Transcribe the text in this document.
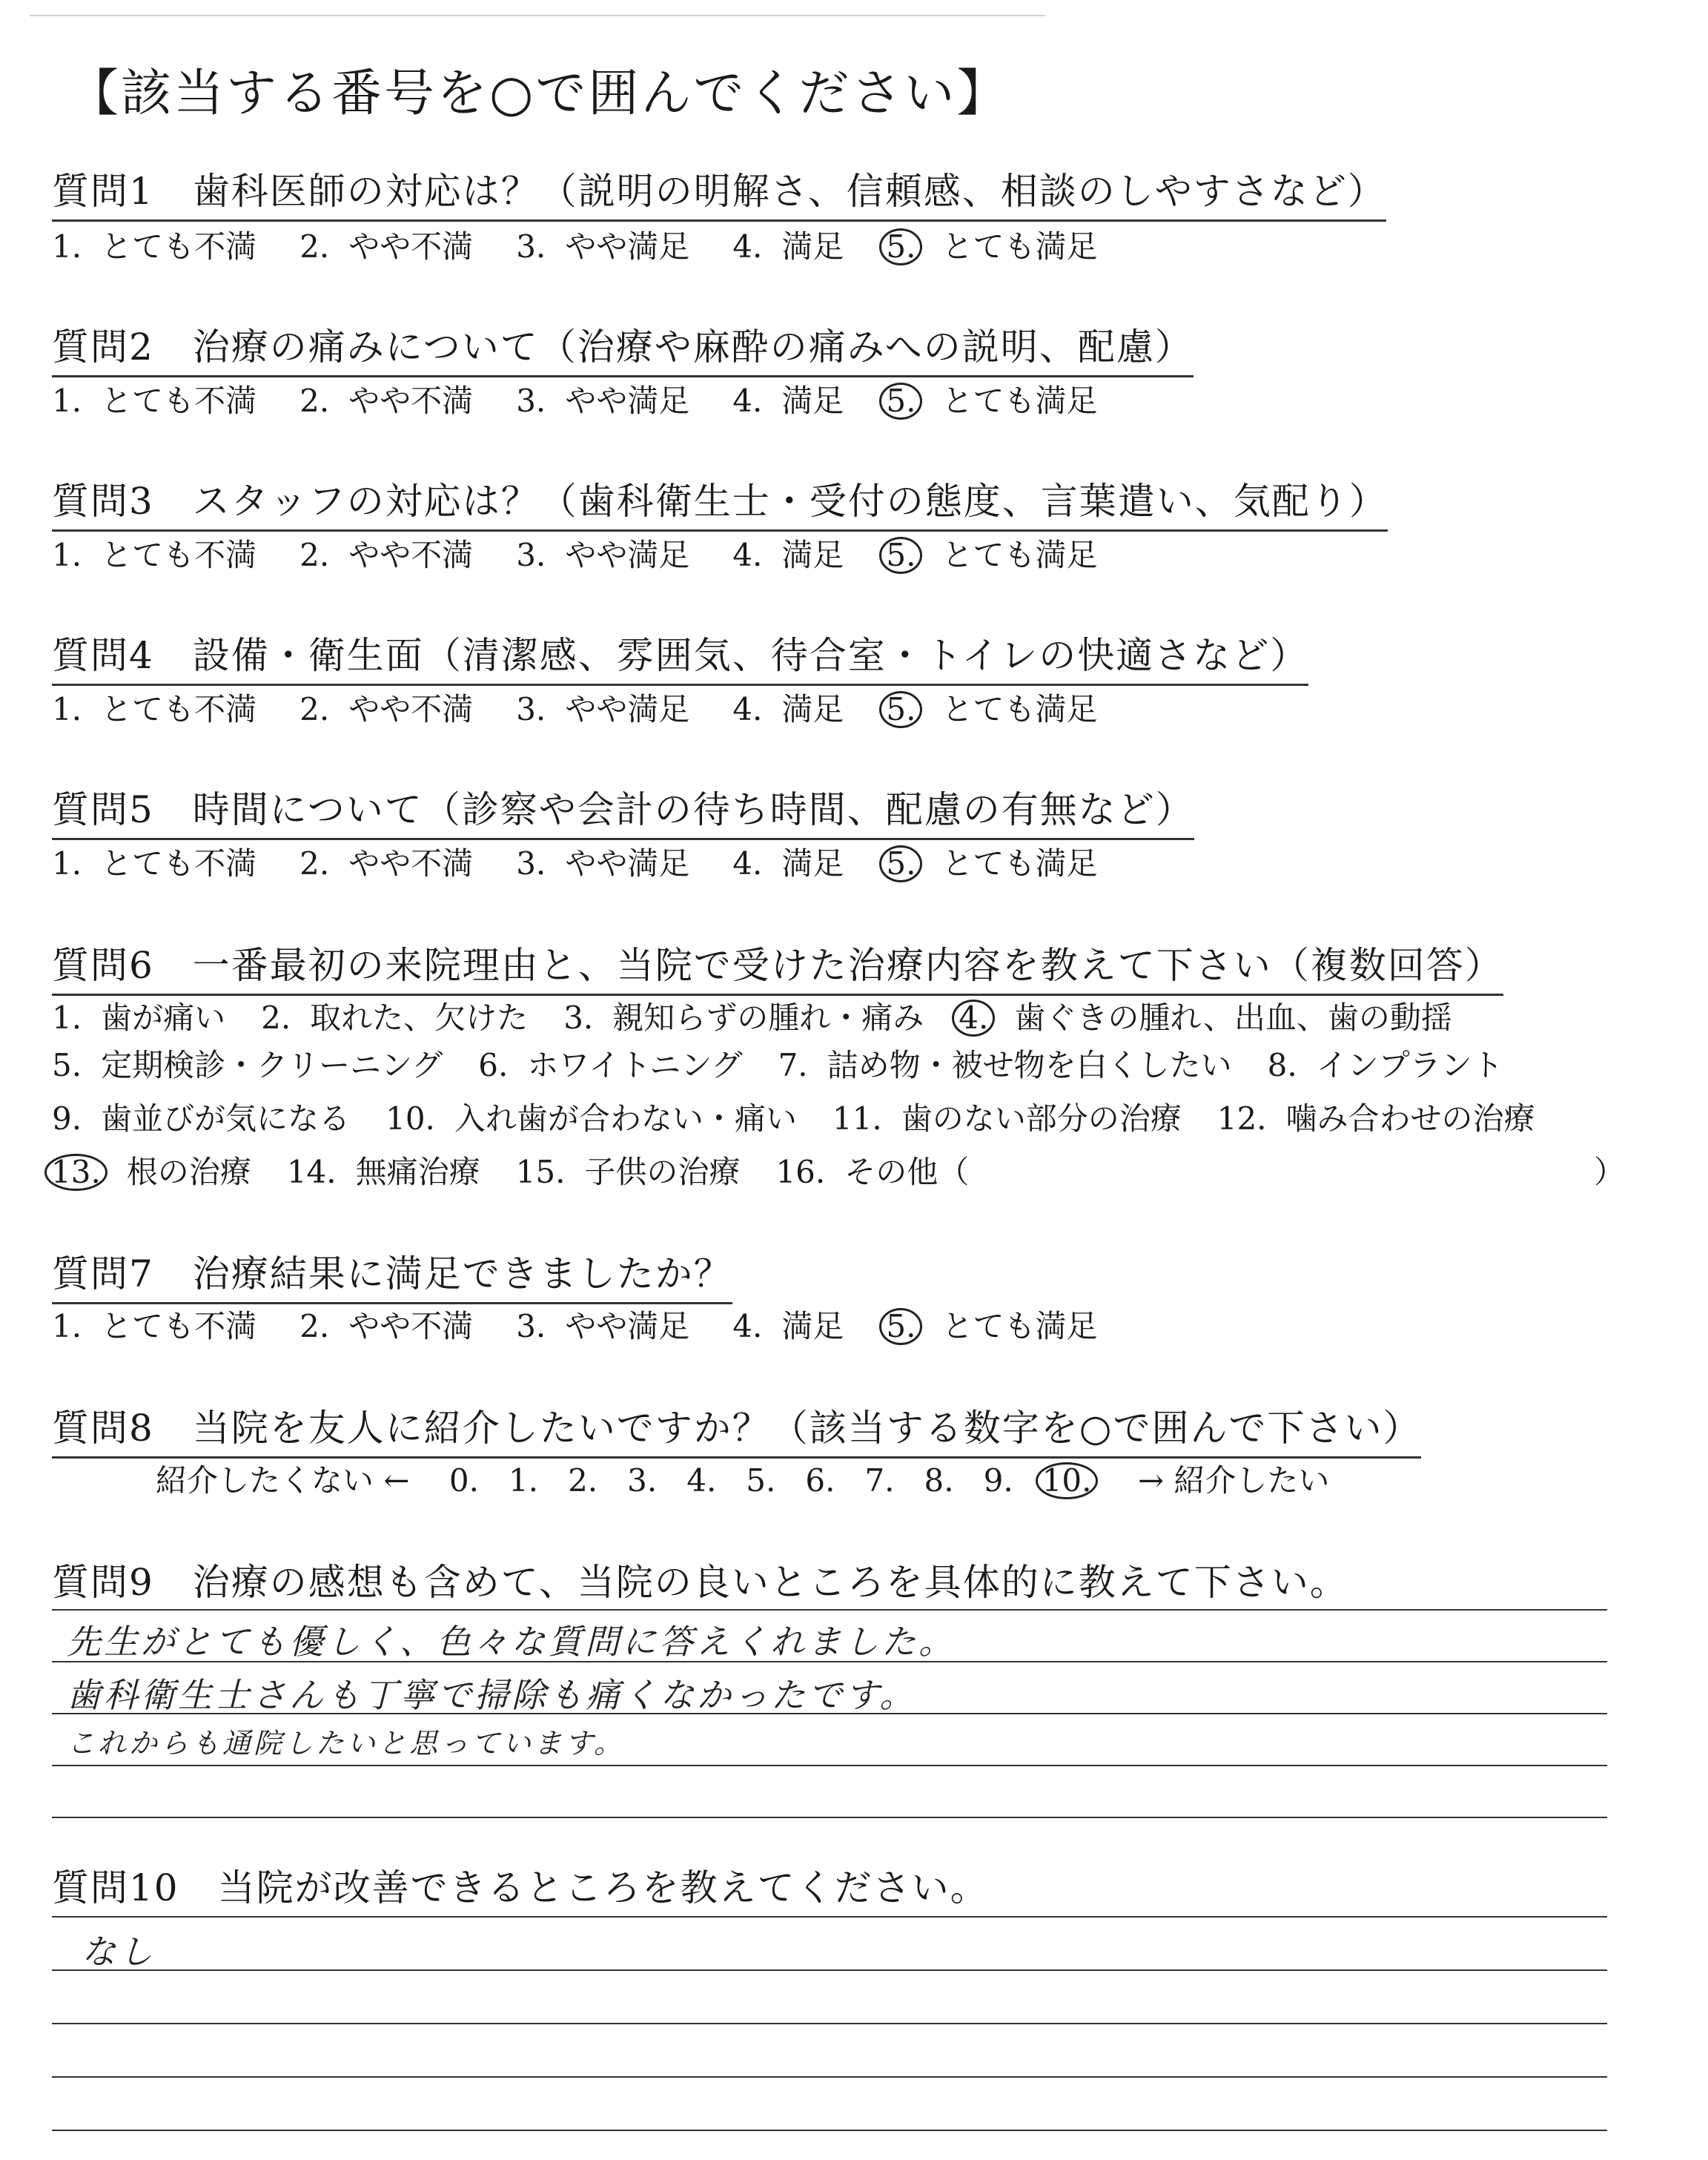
【該当する番号を○で囲んでください】
質問1　歯科医師の対応は？（説明の明解さ、信頼感、相談のしやすさなど）
1. とても不満 2. やや不満 3. やや満足 4. 満足 5. とても満足
質問2　治療の痛みについて（治療や麻酔の痛みへの説明、配慮）
1. とても不満 2. やや不満 3. やや満足 4. 満足 5. とても満足
質問3　スタッフの対応は？（歯科衛生士・受付の態度、言葉遣い、気配り）
1. とても不満 2. やや不満 3. やや満足 4. 満足 5. とても満足
質問4　設備・衛生面（清潔感、雰囲気、待合室・トイレの快適さなど）
1. とても不満 2. やや不満 3. やや満足 4. 満足 5. とても満足
質問5　時間について（診察や会計の待ち時間、配慮の有無など）
1. とても不満 2. やや不満 3. やや満足 4. 満足 5. とても満足
質問6　一番最初の来院理由と、当院で受けた治療内容を教えて下さい（複数回答）
1. 歯が痛い 2. 取れた、欠けた 3. 親知らずの腫れ・痛み 4. 歯ぐきの腫れ、出血、歯の動揺
5. 定期検診・クリーニング 6. ホワイトニング 7. 詰め物・被せ物を白くしたい 8. インプラント
9. 歯並びが気になる 10. 入れ歯が合わない・痛い 11. 歯のない部分の治療 12. 噛み合わせの治療
13. 根の治療 14. 無痛治療 15. 子供の治療 16. その他（	）
質問7　治療結果に満足できましたか？
1. とても不満 2. やや不満 3. やや満足 4. 満足 5. とても満足
質問8　当院を友人に紹介したいですか？（該当する数字を○で囲んで下さい）
紹介したくない ← 0. 1. 2. 3. 4. 5. 6. 7. 8. 9. 10. → 紹介したい
質問9　治療の感想も含めて、当院の良いところを具体的に教えて下さい。
先生がとても優しく、色々な質問に答えくれました。
歯科衛生士さんも丁寧で掃除も痛くなかったです。
これからも通院したいと思っています。
質問10　当院が改善できるところを教えてください。
なし
